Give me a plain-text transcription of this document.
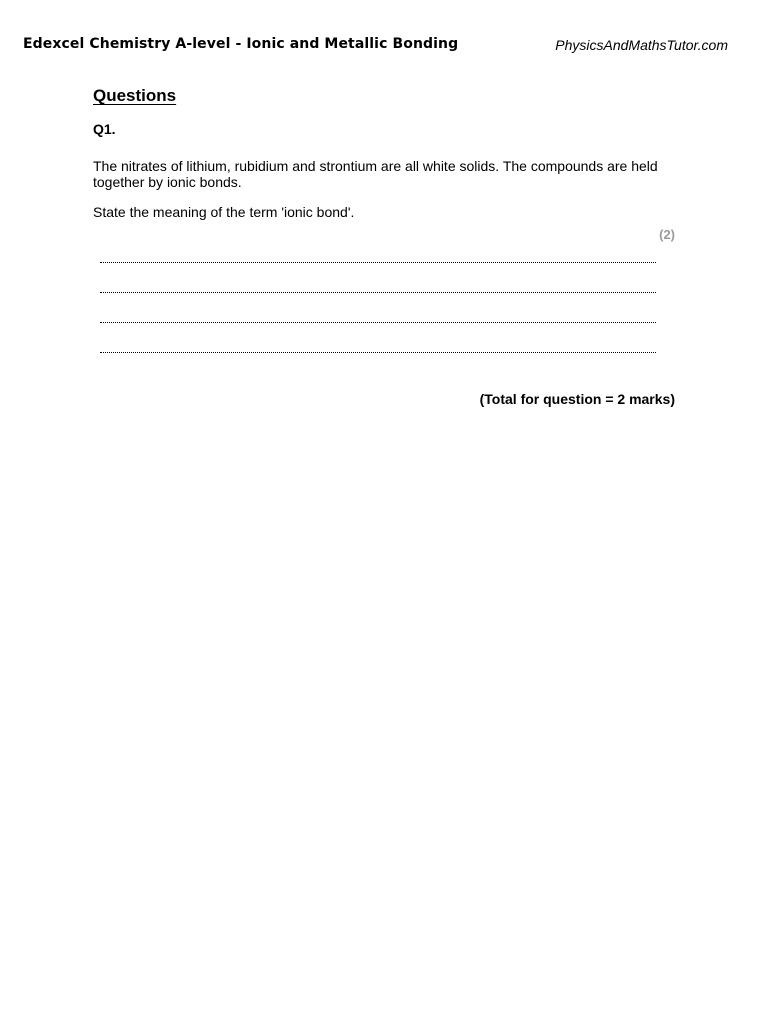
Edexcel Chemistry A-level - Ionic and Metallic Bonding	PhysicsAndMathsTutor.com
Questions
Q1.
The nitrates of lithium, rubidium and strontium are all white solids. The compounds are held together by ionic bonds.
State the meaning of the term 'ionic bond'.
(2)
(Total for question = 2 marks)
